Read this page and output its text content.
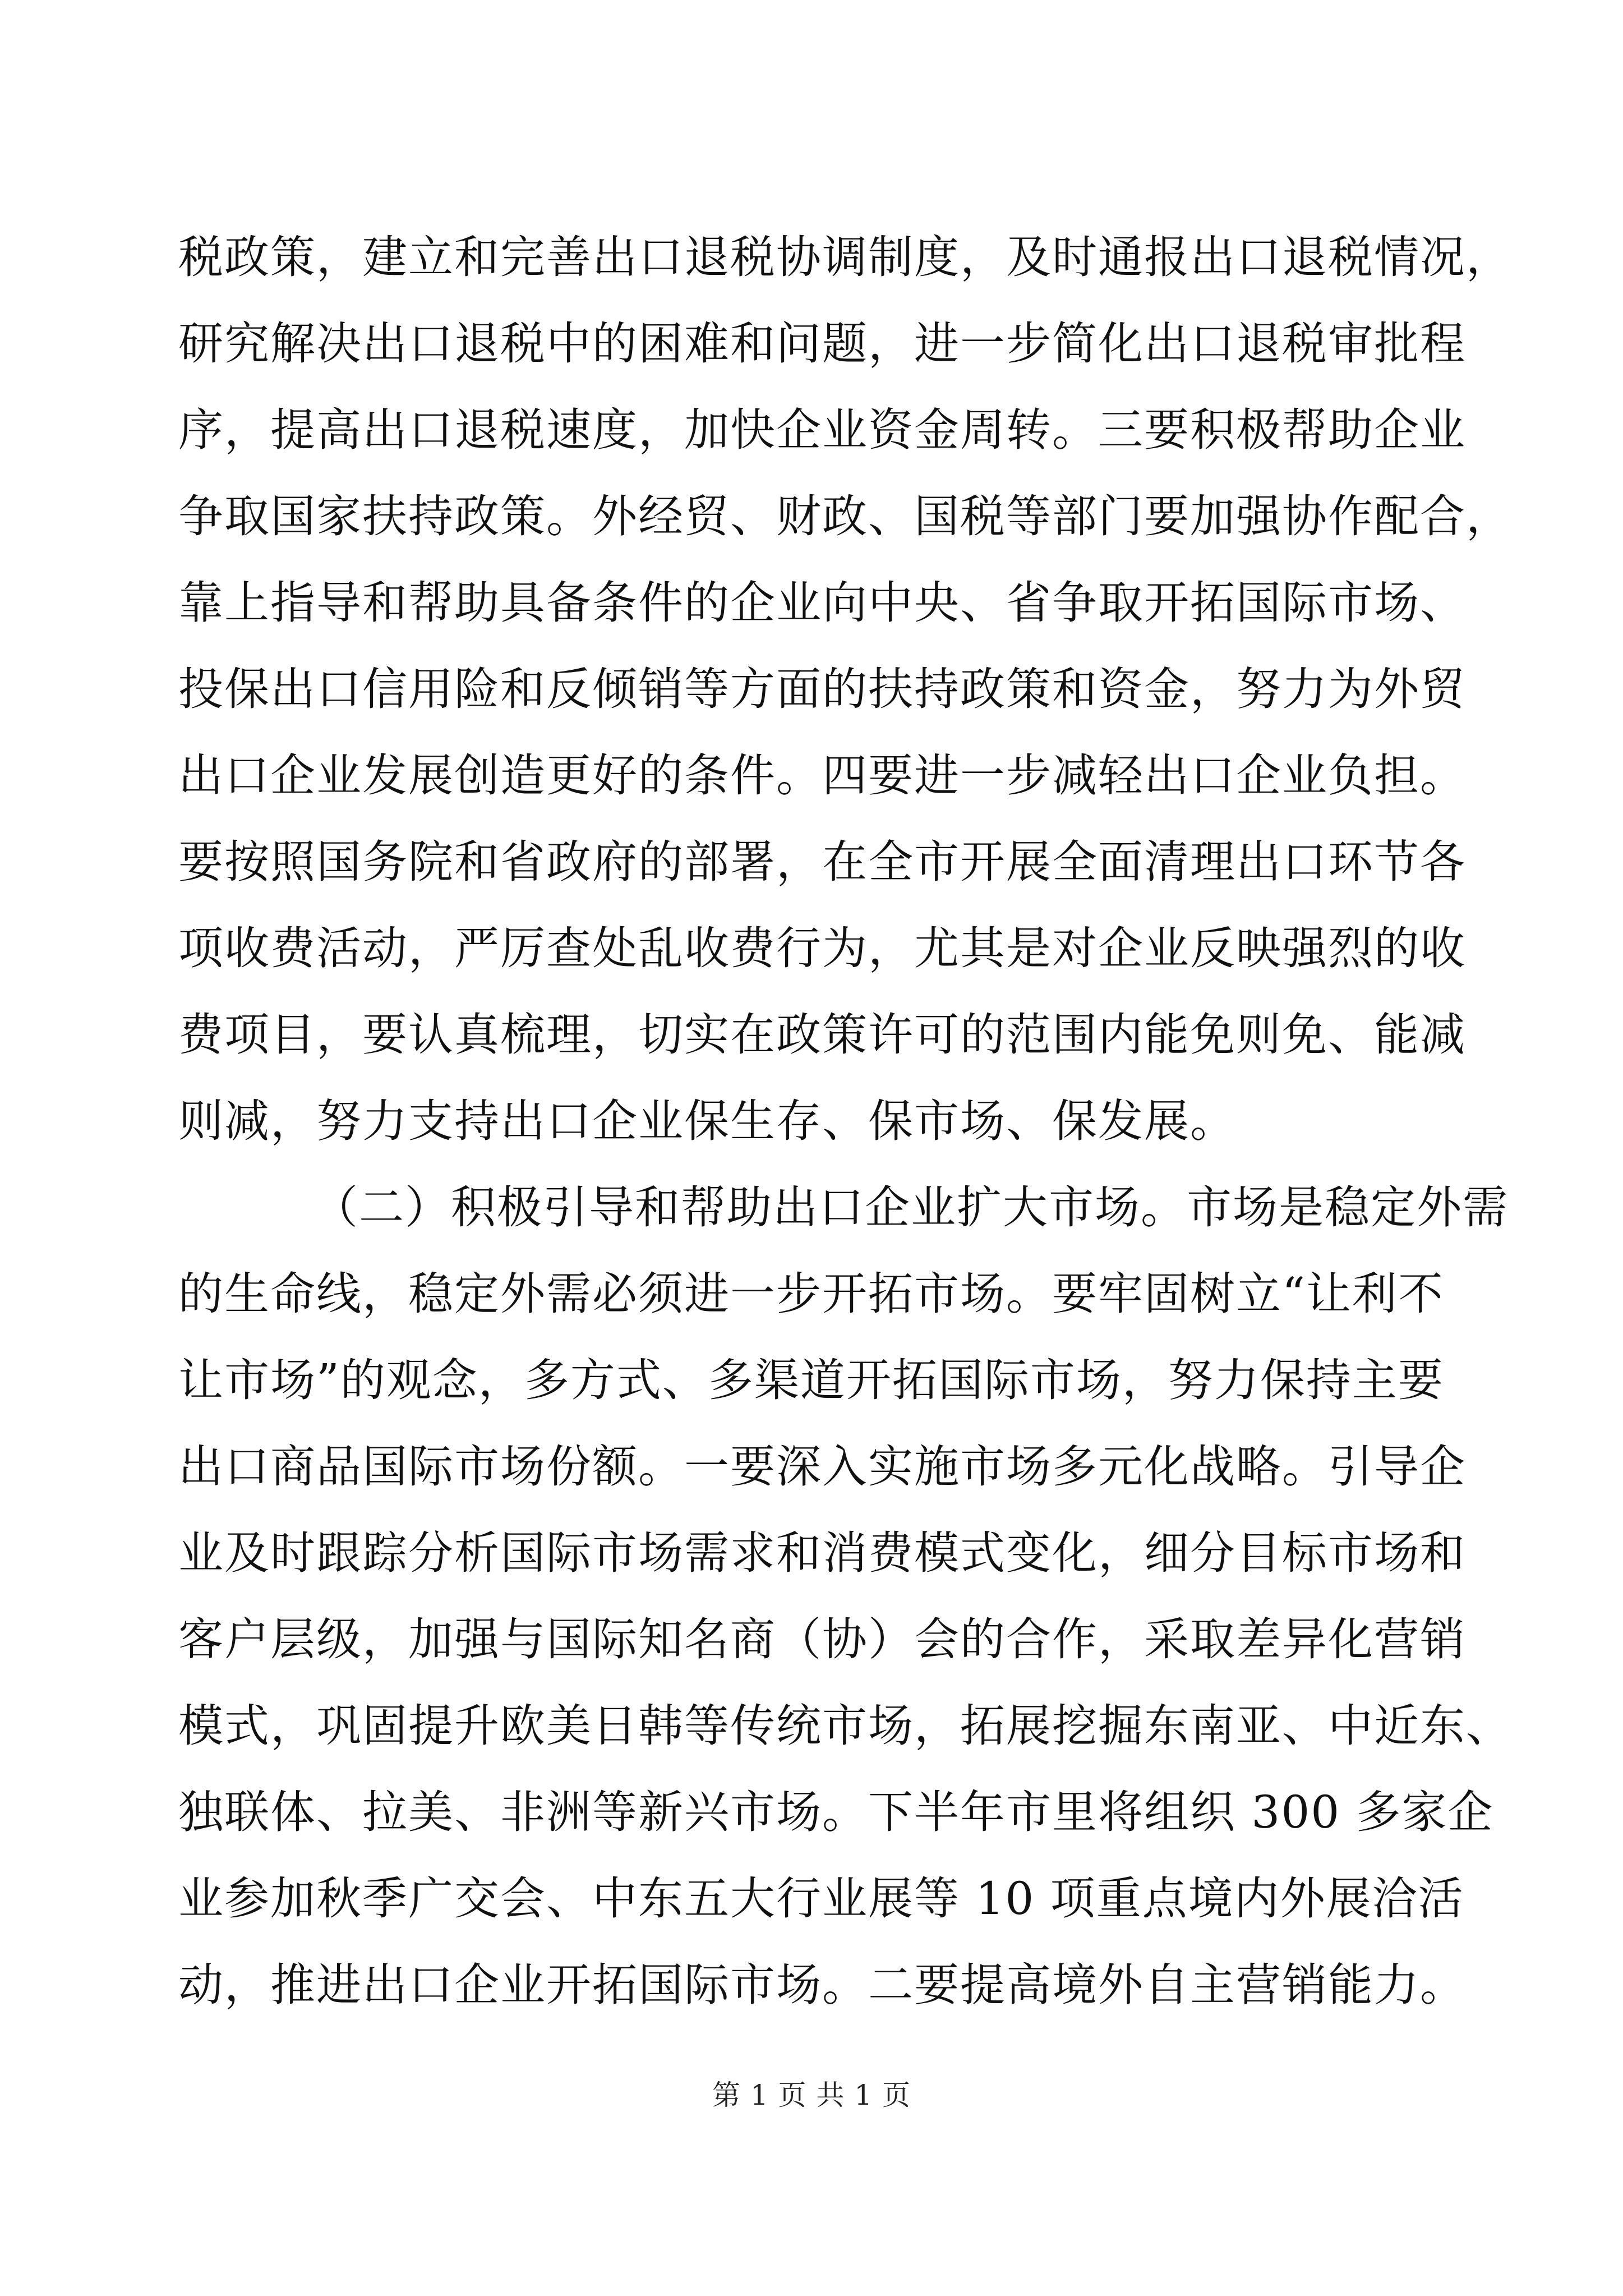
税政策，建立和完善出口退税协调制度，及时通报出口退税情况，
研究解决出口退税中的困难和问题，进一步简化出口退税审批程
序，提高出口退税速度，加快企业资金周转。三要积极帮助企业
争取国家扶持政策。外经贸、财政、国税等部门要加强协作配合，
靠上指导和帮助具备条件的企业向中央、省争取开拓国际市场、
投保出口信用险和反倾销等方面的扶持政策和资金，努力为外贸
出口企业发展创造更好的条件。四要进一步减轻出口企业负担。
要按照国务院和省政府的部署，在全市开展全面清理出口环节各
项收费活动，严厉查处乱收费行为，尤其是对企业反映强烈的收
费项目，要认真梳理，切实在政策许可的范围内能免则免、能减
则减，努力支持出口企业保生存、保市场、保发展。
（二）积极引导和帮助出口企业扩大市场。市场是稳定外需
的生命线，稳定外需必须进一步开拓市场。要牢固树立“让利不
让市场”的观念，多方式、多渠道开拓国际市场，努力保持主要
出口商品国际市场份额。一要深入实施市场多元化战略。引导企
业及时跟踪分析国际市场需求和消费模式变化，细分目标市场和
客户层级，加强与国际知名商（协）会的合作，采取差异化营销
模式，巩固提升欧美日韩等传统市场，拓展挖掘东南亚、中近东、
独联体、拉美、非洲等新兴市场。下半年市里将组织 300 多家企
业参加秋季广交会、中东五大行业展等 10 项重点境内外展洽活
动，推进出口企业开拓国际市场。二要提高境外自主营销能力。
第 1 页 共 1 页
